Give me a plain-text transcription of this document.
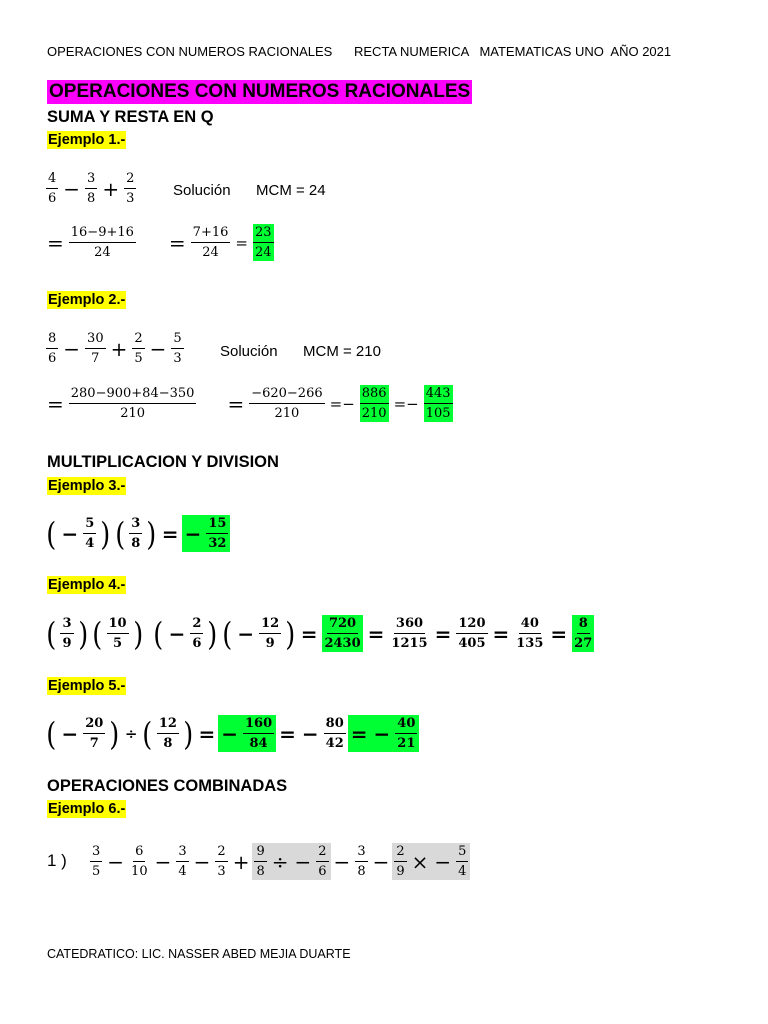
OPERACIONES CON NUMEROS RACIONALES      RECTA NUMERICA   MATEMATICAS UNO  AÑO 2021
OPERACIONES CON NUMEROS RACIONALES
SUMA Y RESTA EN Q
Ejemplo 1.-
$\frac{4}{6} - \frac{3}{8} + \frac{2}{3}$ Solución MCM = 24
= $\frac{16-9+16}{24} = \frac{7+16}{24} = \frac{23}{24}$
Ejemplo 2.-
$\frac{8}{6} - \frac{30}{7} + \frac{2}{5} - \frac{5}{3}$ Solución MCM = 210
= $\frac{280-900+84-350}{210} = \frac{-620-266}{210} =- \frac{886}{210} =- \frac{443}{105}$
MULTIPLICACION Y DIVISION
Ejemplo 3.-
( − $\frac{5}{4}$ ) ( $\frac{3}{8}$ ) = − $\frac{15}{32}$
Ejemplo 4.-
( $\frac{3}{9}$ ) ( $\frac{10}{5}$ ) ( − $\frac{2}{6}$ ) ( − $\frac{12}{9}$ ) = $\frac{720}{2430} = \frac{360}{1215} = \frac{120}{405} = \frac{40}{135} = \frac{8}{27}$
Ejemplo 5.-
( − $\frac{20}{7}$ ) ÷ ( $\frac{12}{8}$ ) = − $\frac{160}{84}$ = − $\frac{80}{42}$ = − $\frac{40}{21}$
OPERACIONES COMBINADAS
Ejemplo 6.-
1 ) $\frac{3}{5} - \frac{6}{10} - \frac{3}{4} - \frac{2}{3} + \frac{9}{8}$ ÷ − $\frac{2}{6} - \frac{3}{8} - \frac{2}{9}$ × − $\frac{5}{4}$
CATEDRATICO: LIC. NASSER ABED MEJIA DUARTE
